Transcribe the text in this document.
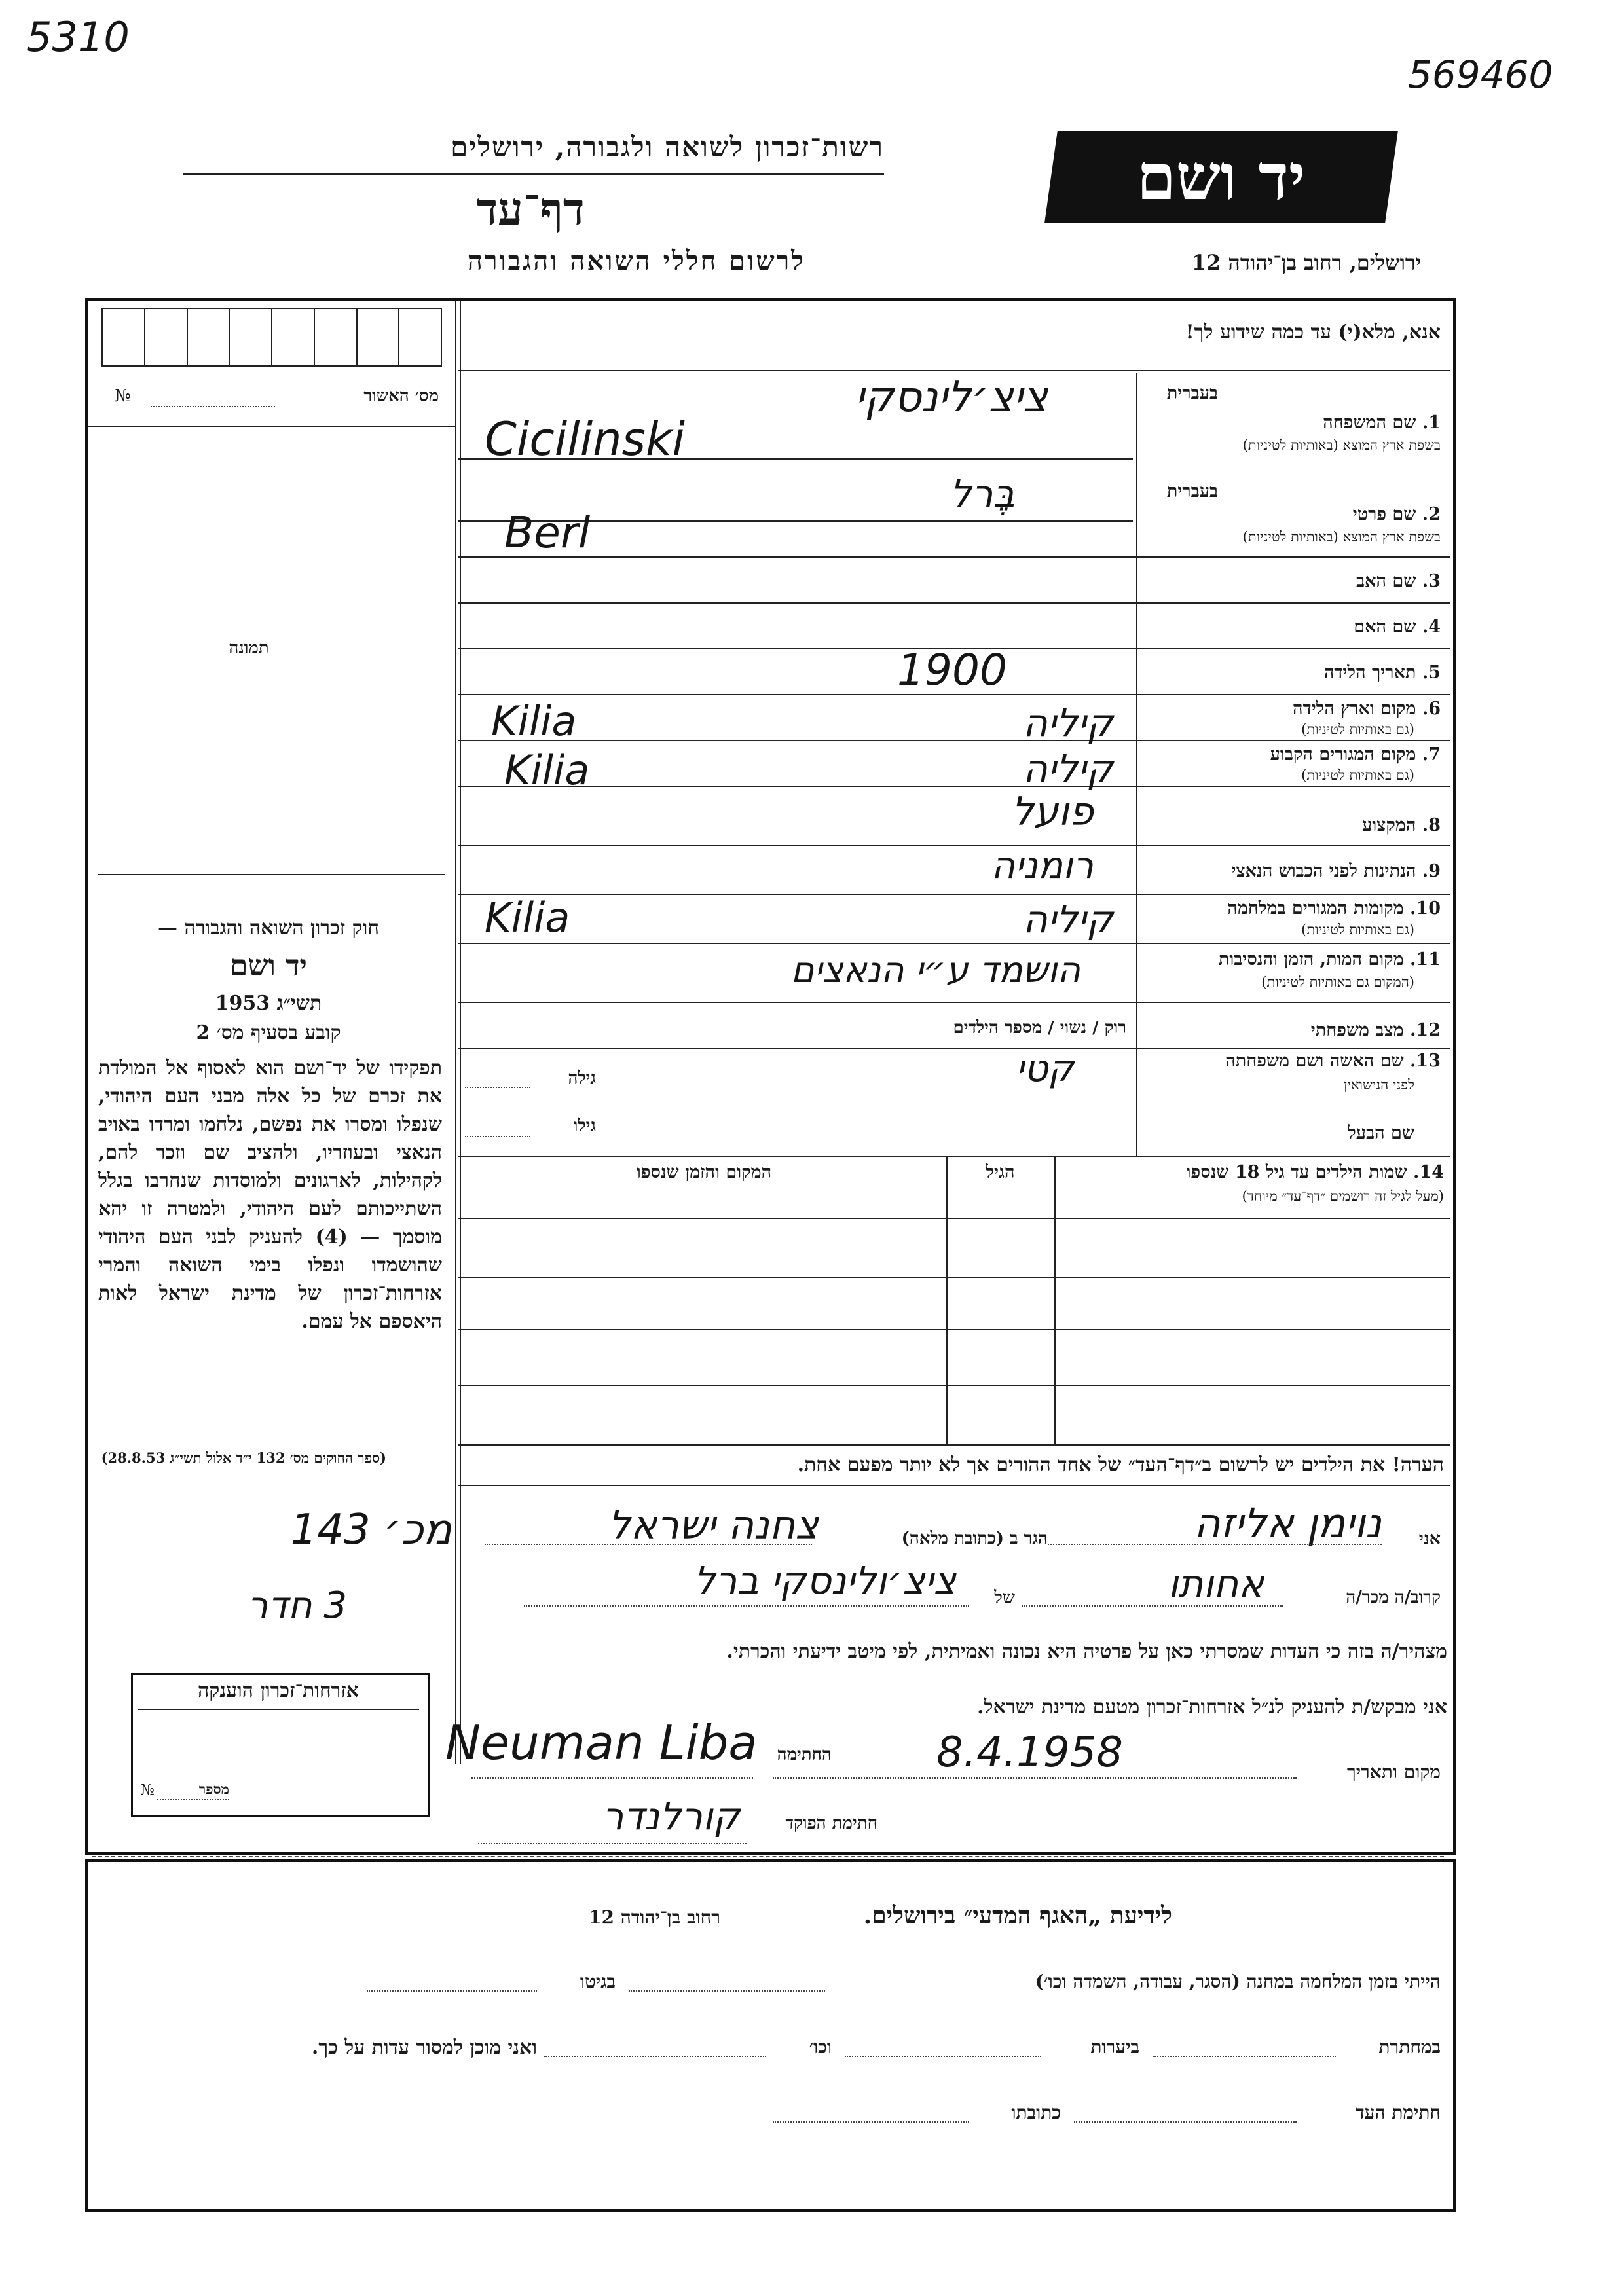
5310
569460
יד ושם
רשות־זכרון לשואה ולגבורה, ירושלים
דף־עד
לרשום חללי השואה והגבורה	ירושלים, רחוב בן־יהודה 12
אנא, מלא(י) עד כמה שידוע לך!
מס׳ האשור
№
תמונה
בעברית
1. שם המשפחה
בשפת ארץ המוצא (באותיות לטיניות)
ציצ׳לינסקי
Cicilinski
בעברית
2. שם פרטי
בשפת ארץ המוצא (באותיות לטיניות)
בֶּרל
Berl
3. שם האב
4. שם האם
5. תאריך הלידה
1900
6. מקום וארץ הלידה
(גם באותיות לטיניות)
קיליה
Kilia
7. מקום המגורים הקבוע
(גם באותיות לטיניות)
קיליה
Kilia
8. המקצוע
פועל
9. הנתינות לפני הכבוש הנאצי
רומניה
10. מקומות המגורים במלחמה
(גם באותיות לטיניות)
קיליה
Kilia
11. מקום המות, הזמן והנסיבות
(המקום גם באותיות לטיניות)
הושמד ע״י הנאצים
12. מצב משפחתי
רוק / נשוי / מספר הילדים
13. שם האשה ושם משפחתה
לפני הנישואין
קטי
גילה
שם הבעל
גילו
14. שמות הילדים עד גיל 18 שנספו
(מעל לגיל זה רושמים ״דף־עד״ מיוחד)
הגיל
המקום והזמן שנספו
הערה! את הילדים יש לרשום ב״דף־העד״ של אחד ההורים אך לא יותר מפעם אחת.
חוק זכרון השואה והגבורה —
יד ושם
תשי״ג 1953
קובע בסעיף מס׳ 2
תפקידו של יד־ושם הוא לאסוף אל המולדת את זכרם של כל אלה מבני העם היהודי, שנפלו ומסרו את נפשם, נלחמו ומרדו באויב הנאצי ובעוזריו, ולהציב שם וזכר להם, לקהילות, לארגונים ולמוסדות שנחרבו בגלל השתייכותם לעם היהודי, ולמטרה זו יהא מוסמך — (4) להעניק לבני העם היהודי שהושמדו ונפלו בימי השואה והמרי אזרחות־זכרון של מדינת ישראל לאות היאספם אל עמם.
(ספר החוקים מס׳ 132 י״ד אלול תשי״ג 28.8.53)
מכ׳ 143
3 חדר
אני
נוימן אליזה
הגר ב (כתובת מלאה)
צחנה ישראל
קרוב/ה מכר/ה
אחותו
של
ציצ׳ולינסקי ברל
מצהיר/ה בזה כי העדות שמסרתי כאן על פרטיה היא נכונה ואמיתית, לפי מיטב ידיעתי והכרתי.
אני מבקש/ת להעניק לנ״ל אזרחות־זכרון מטעם מדינת ישראל.
מקום ותאריך
8.4.1958
החתימה
Neuman Liba
חתימת הפוקד
קורלנדר
אזרחות־זכרון הוענקה
מספר
№
לידיעת „האגף המדעי״ בירושלים.
רחוב בן־יהודה 12
הייתי בזמן המלחמה במחנה (הסגר, עבודה, השמדה וכו׳)
בגיטו
במחתרת
ביערות
וכו׳
ואני מוכן למסור עדות על כך.
חתימת העד
כתובתו
